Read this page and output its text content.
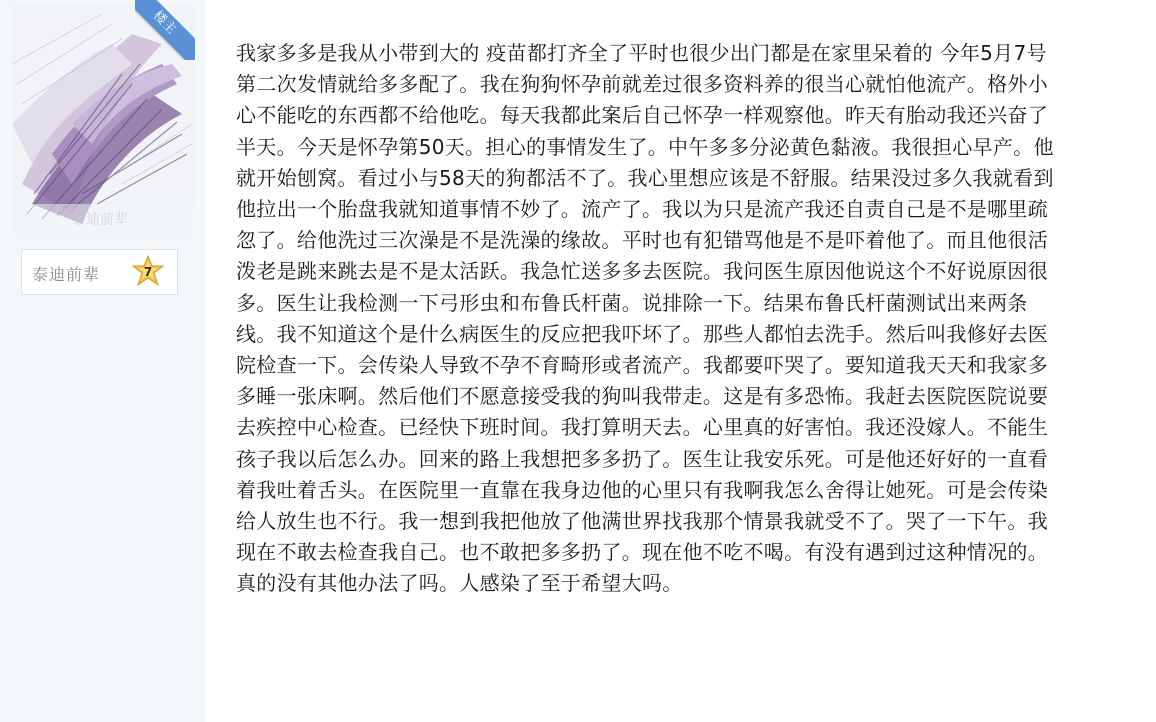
泰迪前辈
楼主
泰迪前辈	7

我家多多是我从小带到大的 疫苗都打齐全了平时也很少出门都是在家里呆着的 今年5月7号
第二次发情就给多多配了。我在狗狗怀孕前就差过很多资料养的很当心就怕他流产。格外小
心不能吃的东西都不给他吃。每天我都此案后自己怀孕一样观察他。昨天有胎动我还兴奋了
半天。今天是怀孕第50天。担心的事情发生了。中午多多分泌黄色黏液。我很担心早产。他
就开始刨窝。看过小与58天的狗都活不了。我心里想应该是不舒服。结果没过多久我就看到
他拉出一个胎盘我就知道事情不妙了。流产了。我以为只是流产我还自责自己是不是哪里疏
忽了。给他洗过三次澡是不是洗澡的缘故。平时也有犯错骂他是不是吓着他了。而且他很活
泼老是跳来跳去是不是太活跃。我急忙送多多去医院。我问医生原因他说这个不好说原因很
多。医生让我检测一下弓形虫和布鲁氏杆菌。说排除一下。结果布鲁氏杆菌测试出来两条
线。我不知道这个是什么病医生的反应把我吓坏了。那些人都怕去洗手。然后叫我修好去医
院检查一下。会传染人导致不孕不育畸形或者流产。我都要吓哭了。要知道我天天和我家多
多睡一张床啊。然后他们不愿意接受我的狗叫我带走。这是有多恐怖。我赶去医院医院说要
去疾控中心检查。已经快下班时间。我打算明天去。心里真的好害怕。我还没嫁人。不能生
孩子我以后怎么办。回来的路上我想把多多扔了。医生让我安乐死。可是他还好好的一直看
着我吐着舌头。在医院里一直靠在我身边他的心里只有我啊我怎么舍得让她死。可是会传染
给人放生也不行。我一想到我把他放了他满世界找我那个情景我就受不了。哭了一下午。我
现在不敢去检查我自己。也不敢把多多扔了。现在他不吃不喝。有没有遇到过这种情况的。
真的没有其他办法了吗。人感染了至于希望大吗。
